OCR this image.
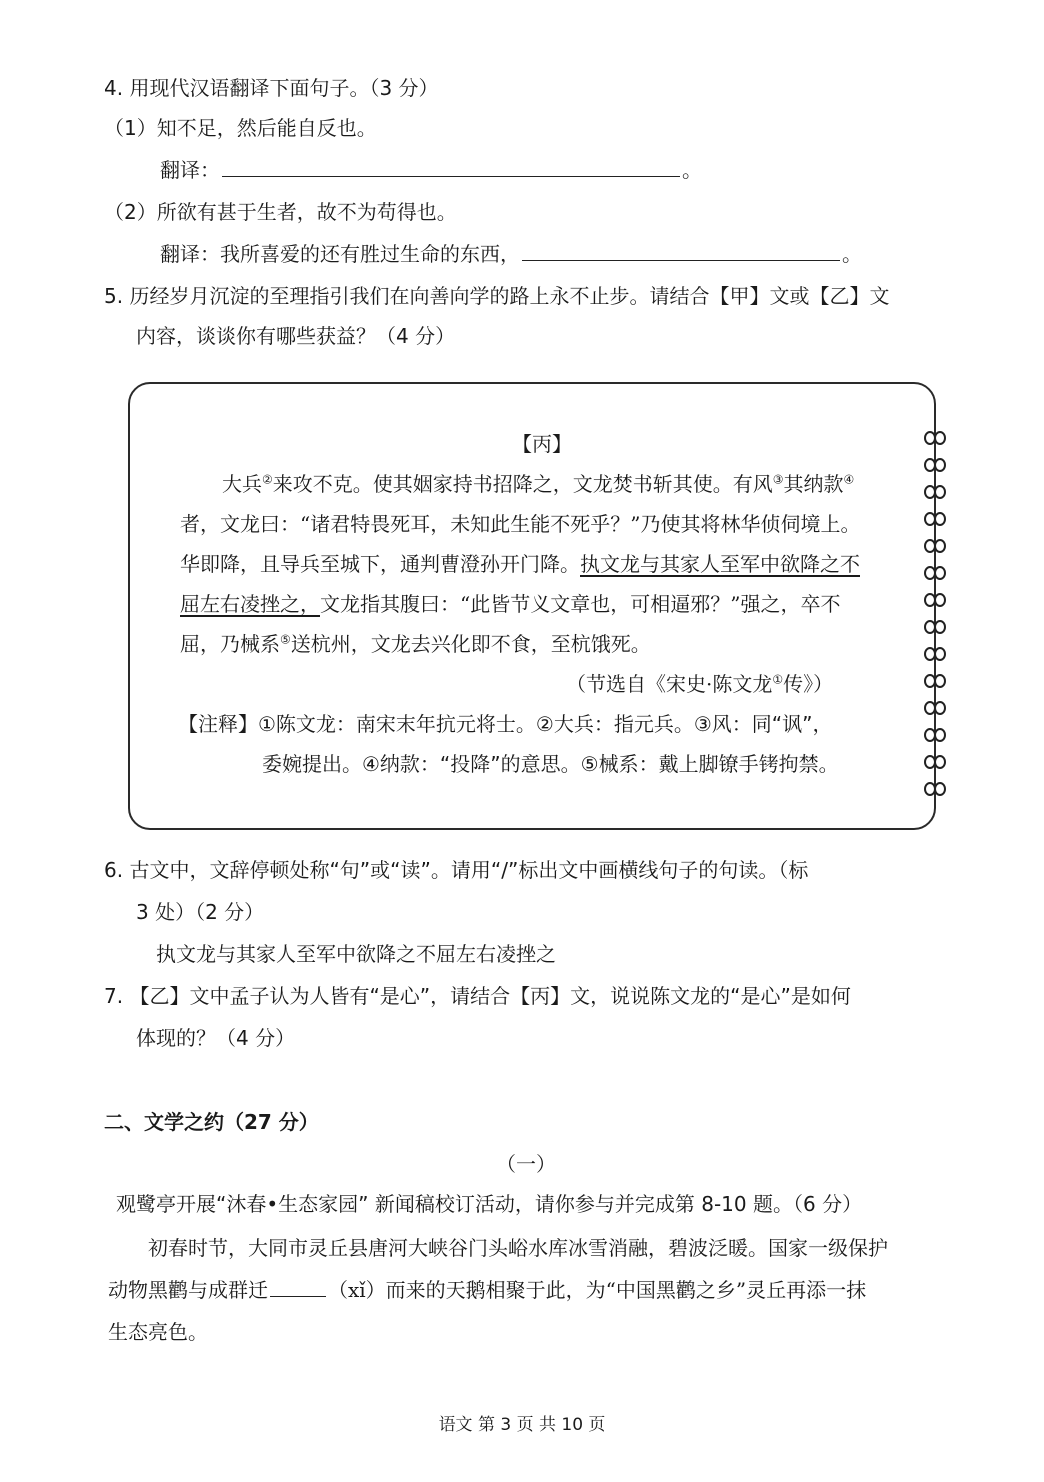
4. 用现代汉语翻译下面句子。（3 分）
（1）知不足，然后能自反也。
翻译：	。
（2）所欲有甚于生者，故不为苟得也。
翻译：我所喜爱的还有胜过生命的东西，	。
5. 历经岁月沉淀的至理指引我们在向善向学的路上永不止步。请结合【甲】文或【乙】文
内容，谈谈你有哪些获益？（4 分）
【丙】
大兵②来攻不克。使其姻家持书招降之，文龙焚书斩其使。有风③其纳款④
者，文龙曰：“诸君特畏死耳，未知此生能不死乎？”乃使其将林华侦伺境上。
华即降，且导兵至城下，通判曹澄孙开门降。执文龙与其家人至军中欲降之不
屈左右凌挫之，文龙指其腹曰：“此皆节义文章也，可相逼邪？”强之，卒不
屈，乃械系⑤送杭州，文龙去兴化即不食，至杭饿死。
（节选自《宋史·陈文龙①传》）
【注释】①陈文龙：南宋末年抗元将士。②大兵：指元兵。③风：同“讽”，
委婉提出。④纳款：“投降”的意思。⑤械系：戴上脚镣手铐拘禁。
6. 古文中，文辞停顿处称“句”或“读”。请用“/”标出文中画横线句子的句读。（标
3 处）（2 分）
执文龙与其家人至军中欲降之不屈左右凌挫之
7. 【乙】文中孟子认为人皆有“是心”，请结合【丙】文，说说陈文龙的“是心”是如何
体现的？（4 分）
二、文学之约（27 分）
（一）
观鹭亭开展“沐春•生态家园” 新闻稿校订活动，请你参与并完成第 8-10 题。（6 分）
初春时节，大同市灵丘县唐河大峡谷门头峪水库冰雪消融，碧波泛暖。国家一级保护
动物黑鹳与成群迁	（xǐ）而来的天鹅相聚于此，为“中国黑鹳之乡”灵丘再添一抹
生态亮色。
语文 第 3 页 共 10 页
